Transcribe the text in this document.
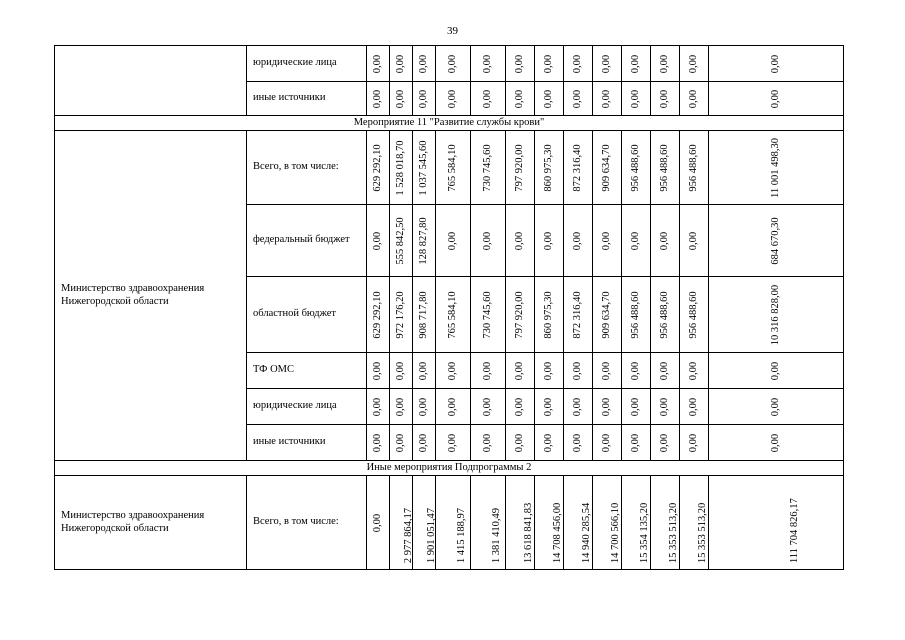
39
	юридические лица	0,00	0,00	0,00	0,00	0,00	0,00	0,00	0,00	0,00	0,00	0,00	0,00	0,00

	иные источники	0,00	0,00	0,00	0,00	0,00	0,00	0,00	0,00	0,00	0,00	0,00	0,00	0,00

Мероприятие 11 "Развитие службы крови"														
Министерство здравоохранения Нижегородской области	Всего, в том числе:	629 292,10	1 528 018,70	1 037 545,60	765 584,10	730 745,60	797 920,00	860 975,30	872 316,40	909 634,70	956 488,60	956 488,60	956 488,60	11 001 498,30

	федеральный бюджет	0,00	555 842,50	128 827,80	0,00	0,00	0,00	0,00	0,00	0,00	0,00	0,00	0,00	684 670,30

	областной бюджет	629 292,10	972 176,20	908 717,80	765 584,10	730 745,60	797 920,00	860 975,30	872 316,40	909 634,70	956 488,60	956 488,60	956 488,60	10 316 828,00

	ТФ ОМС	0,00	0,00	0,00	0,00	0,00	0,00	0,00	0,00	0,00	0,00	0,00	0,00	0,00

	юридические лица	0,00	0,00	0,00	0,00	0,00	0,00	0,00	0,00	0,00	0,00	0,00	0,00	0,00

	иные источники	0,00	0,00	0,00	0,00	0,00	0,00	0,00	0,00	0,00	0,00	0,00	0,00	0,00

Иные мероприятия Подпрограммы 2														
Министерство здравоохранения Нижегородской области	Всего, в том числе:	0,00	2 977 864,17	1 901 051,47	1 415 188,97	1 381 410,49	13 618 841,83	14 708 456,00	14 940 285,54	14 700 566,10	15 354 135,20	15 353 513,20	15 353 513,20	111 704 826,17
